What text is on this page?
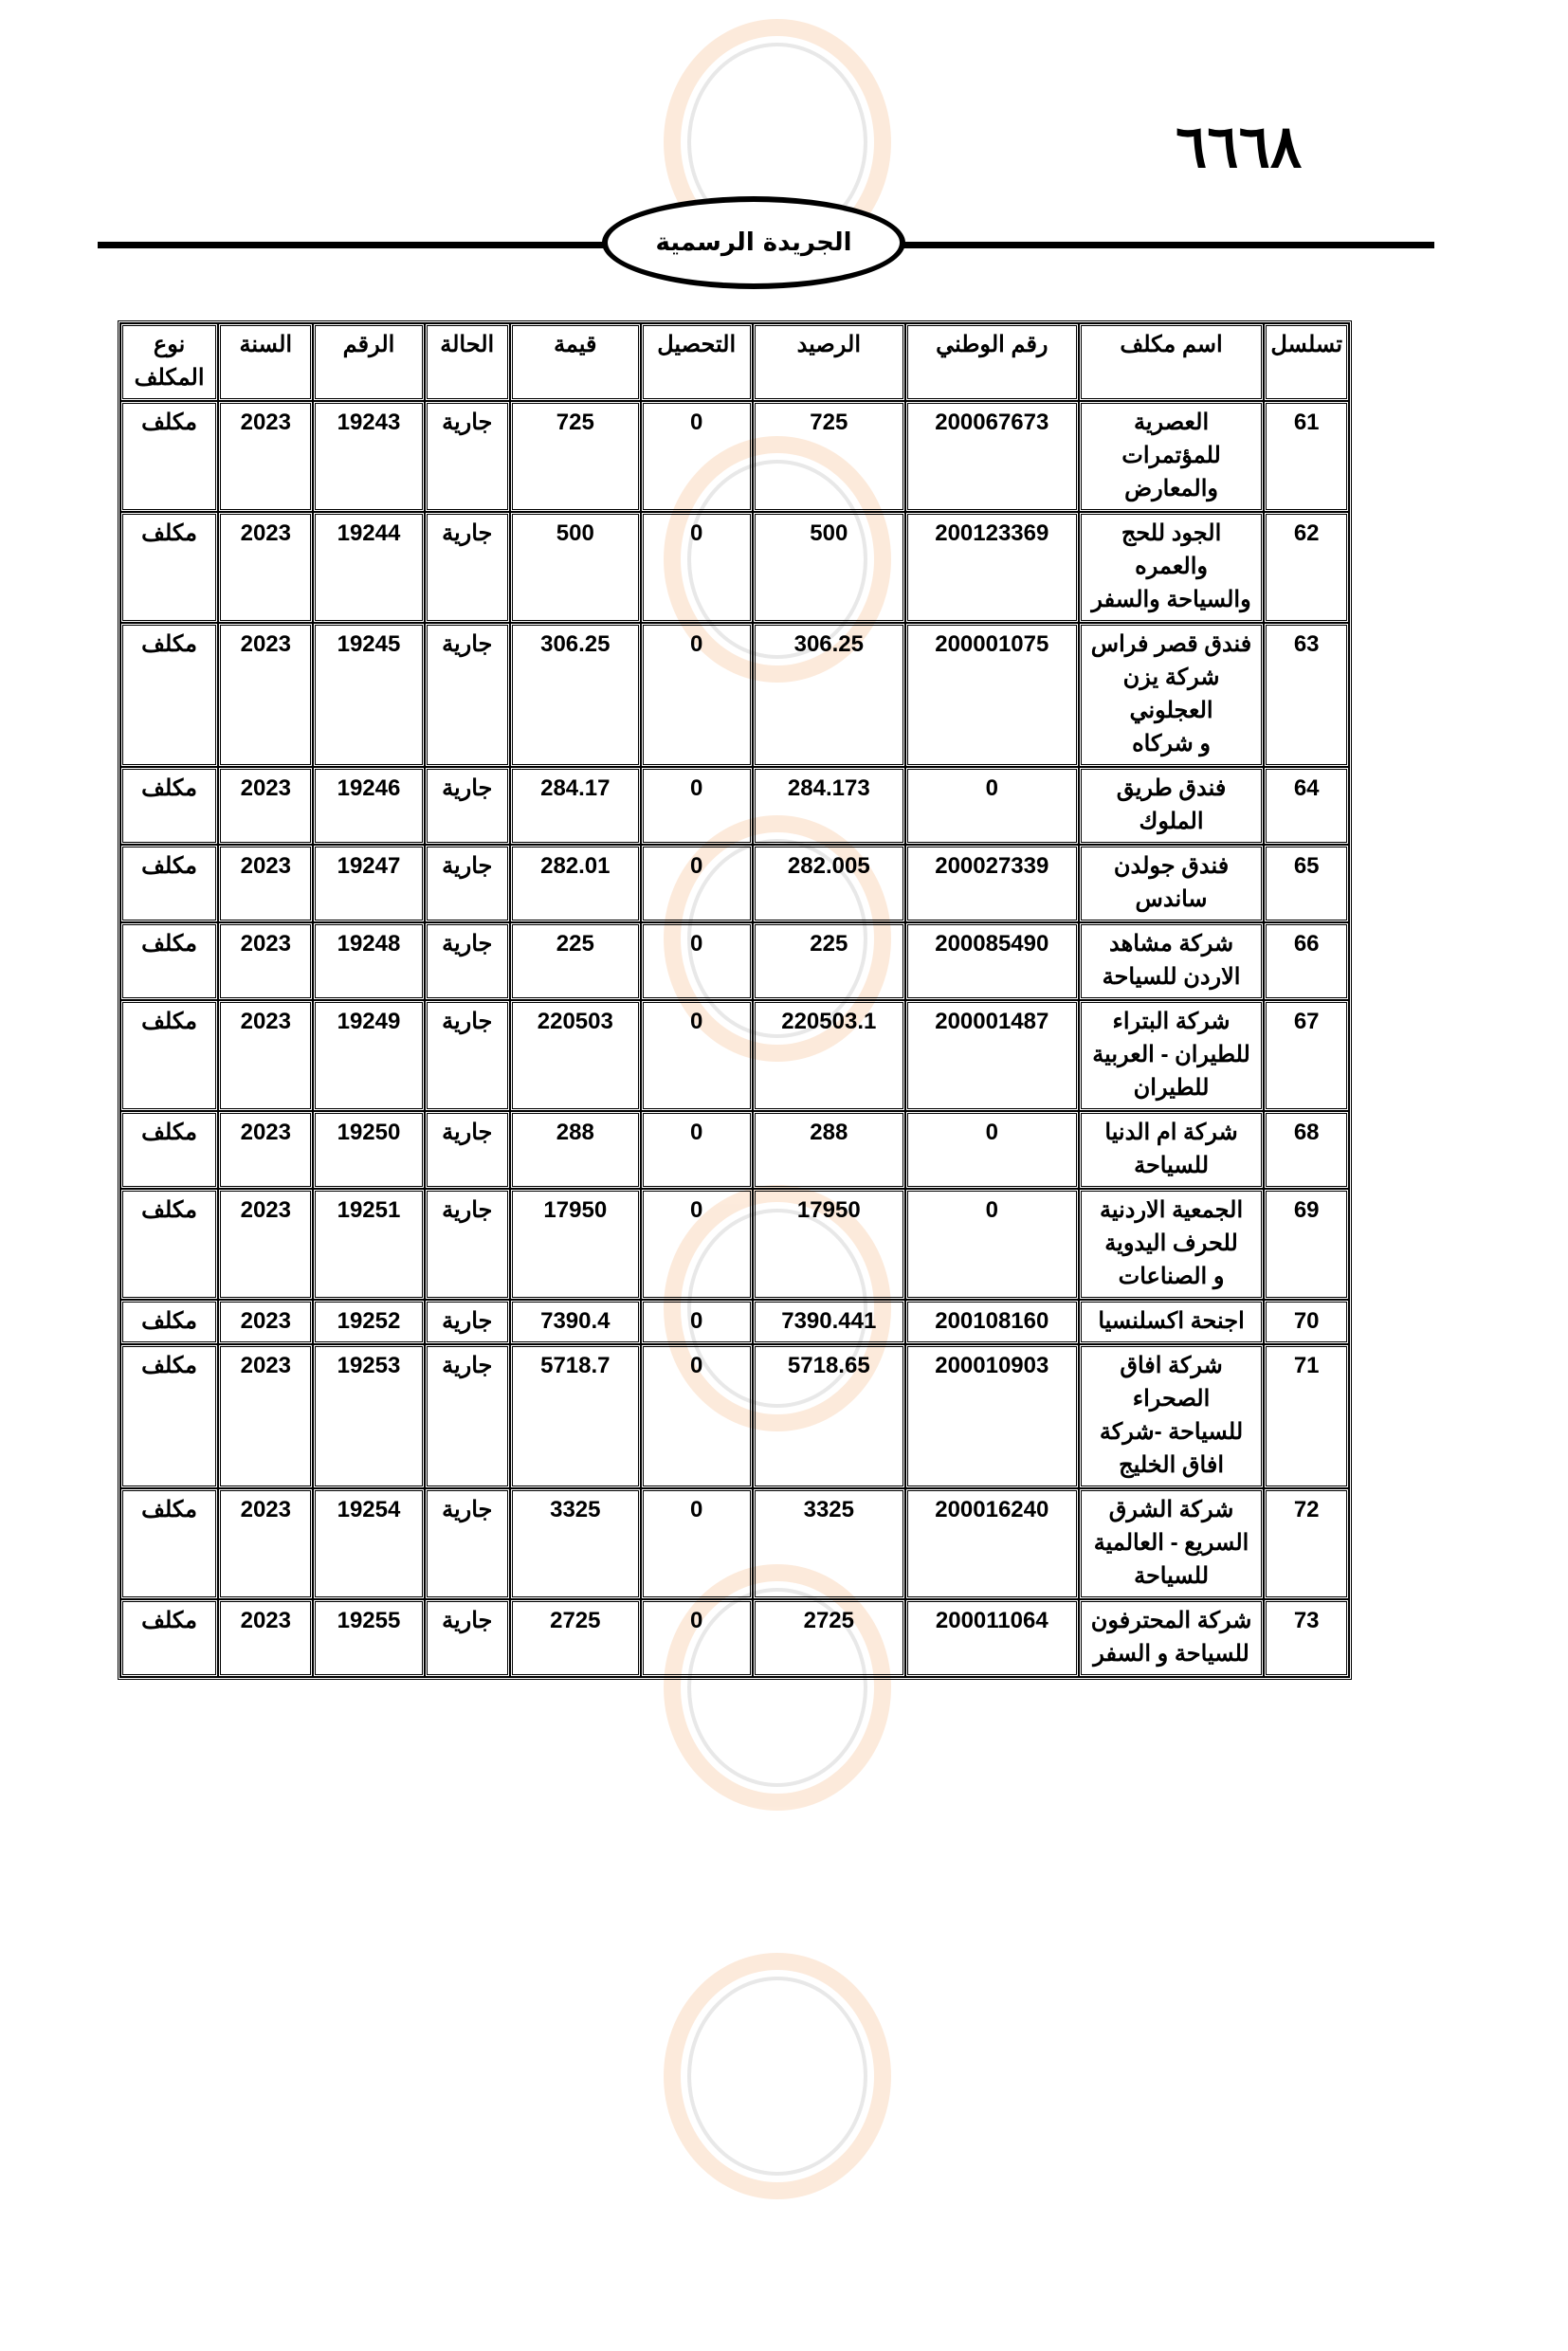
٦٦٦٨
الجريدة الرسمية
تسلسل	اسم مكلف	رقم الوطني	الرصيد	التحصيل	قيمة	الحالة	الرقم	السنة	نوع
المكلف
61	العصرية
للمؤتمرات
والمعارض	200067673	725	0	725	جارية	19243	2023	مكلف
62	الجود للحج
والعمره
والسياحة والسفر	200123369	500	0	500	جارية	19244	2023	مكلف
63	فندق قصر فراس
شركة يزن
العجلوني
و شركاه	200001075	306.25	0	306.25	جارية	19245	2023	مكلف
64	فندق طريق
الملوك	0	284.173	0	284.17	جارية	19246	2023	مكلف
65	فندق جولدن
ساندس	200027339	282.005	0	282.01	جارية	19247	2023	مكلف
66	شركة مشاهد
الاردن للسياحة	200085490	225	0	225	جارية	19248	2023	مكلف
67	شركة البتراء
للطيران - العربية
للطيران	200001487	220503.1	0	220503	جارية	19249	2023	مكلف
68	شركة ام الدنيا
للسياحة	0	288	0	288	جارية	19250	2023	مكلف
69	الجمعية الاردنية
للحرف اليدوية
و الصناعات	0	17950	0	17950	جارية	19251	2023	مكلف
70	اجنحة اكسلنسيا	200108160	7390.441	0	7390.4	جارية	19252	2023	مكلف
71	شركة افاق
الصحراء
للسياحة -شركة
افاق الخليج	200010903	5718.65	0	5718.7	جارية	19253	2023	مكلف
72	شركة الشرق
السريع - العالمية
للسياحة	200016240	3325	0	3325	جارية	19254	2023	مكلف
73	شركة المحترفون
للسياحة و السفر	200011064	2725	0	2725	جارية	19255	2023	مكلف
